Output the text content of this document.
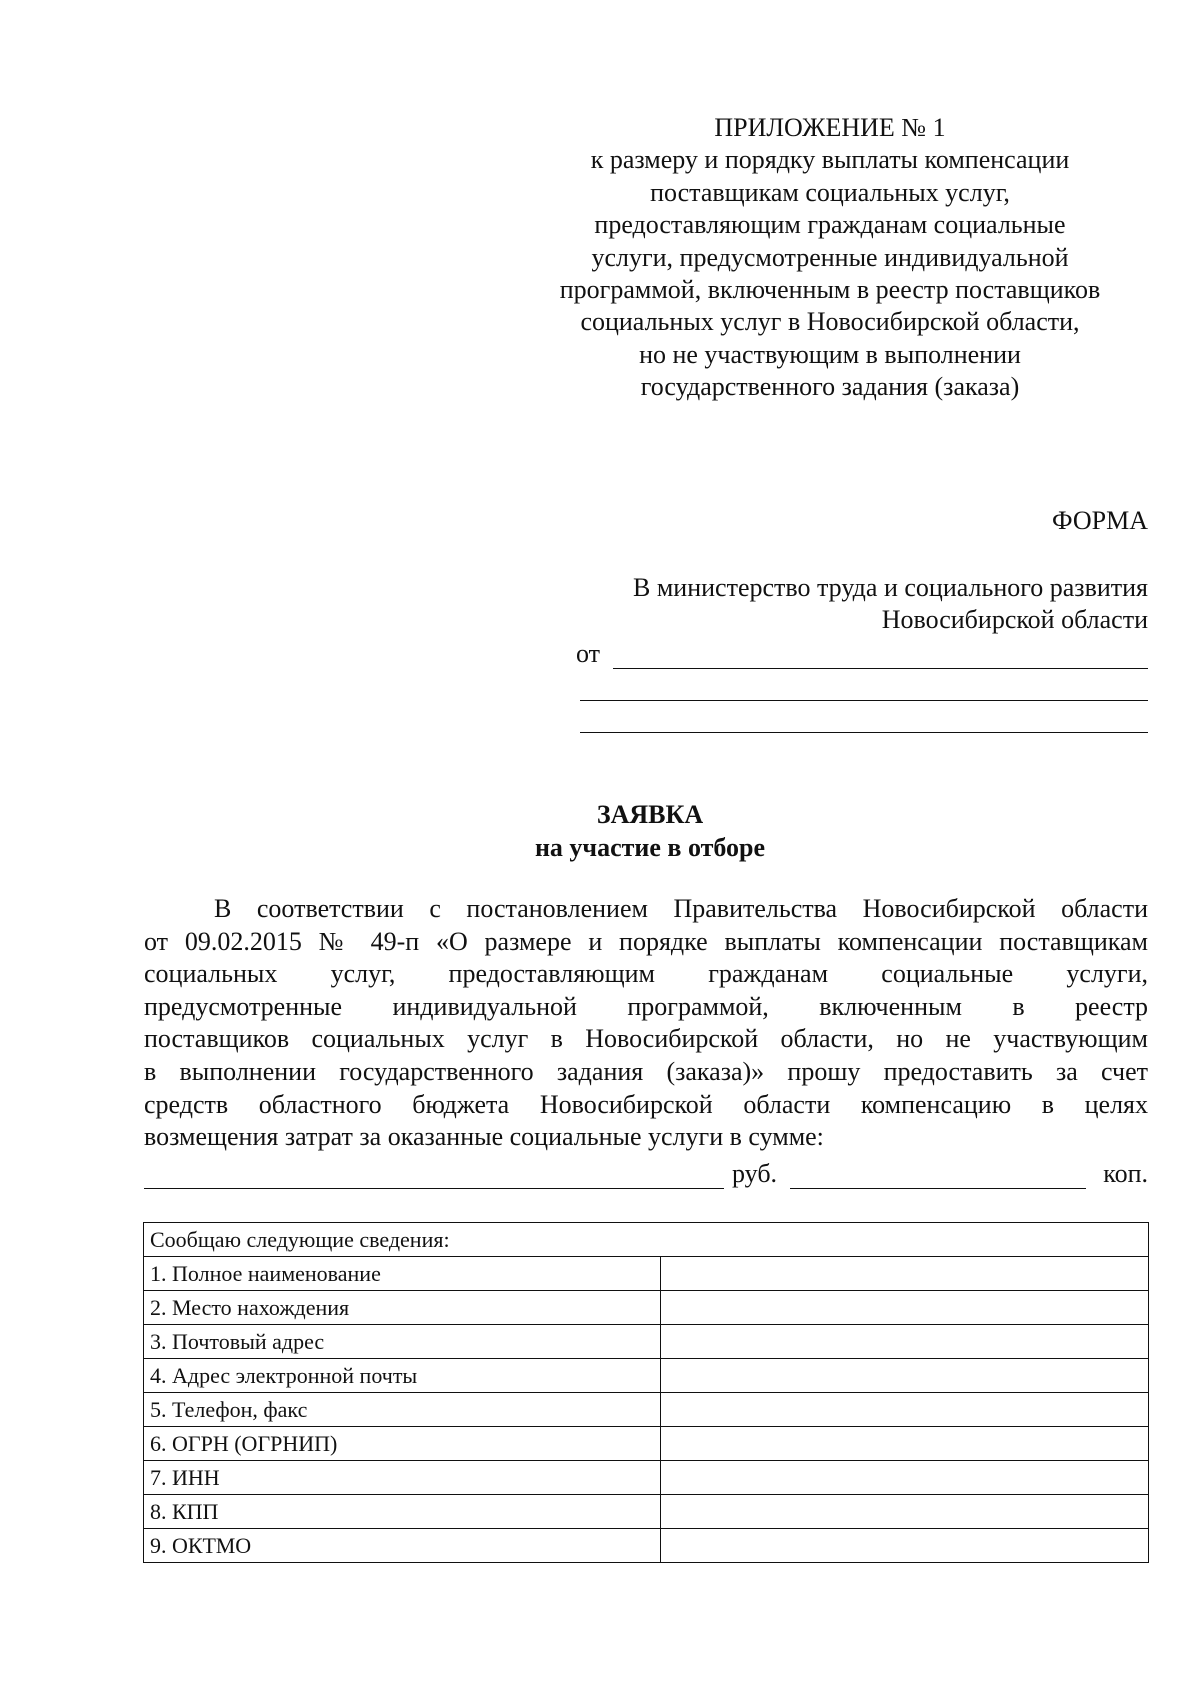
ПРИЛОЖЕНИЕ № 1
к размеру и порядку выплаты компенсации
поставщикам социальных услуг,
предоставляющим гражданам социальные
услуги, предусмотренные индивидуальной
программой, включенным в реестр поставщиков
социальных услуг в Новосибирской области,
но не участвующим в выполнении
государственного задания (заказа)
ФОРМА
В министерство труда и социального развития
Новосибирской области
от
ЗАЯВКА
на участие в отборе
В соответствии с постановлением Правительства Новосибирской области
от 09.02.2015 № 49-п «О размере и порядке выплаты компенсации поставщикам
социальных услуг, предоставляющим гражданам социальные услуги,
предусмотренные индивидуальной программой, включенным в реестр
поставщиков социальных услуг в Новосибирской области, но не участвующим
в выполнении государственного задания (заказа)» прошу предоставить за счет
средств областного бюджета Новосибирской области компенсацию в целях
возмещения затрат за оказанные социальные услуги в сумме:
руб.	коп.
Сообщаю следующие сведения:	
1. Полное наименование	
2. Место нахождения	
3. Почтовый адрес	
4. Адрес электронной почты	
5. Телефон, факс	
6. ОГРН (ОГРНИП)	
7. ИНН	
8. КПП	
9. ОКТМО	
